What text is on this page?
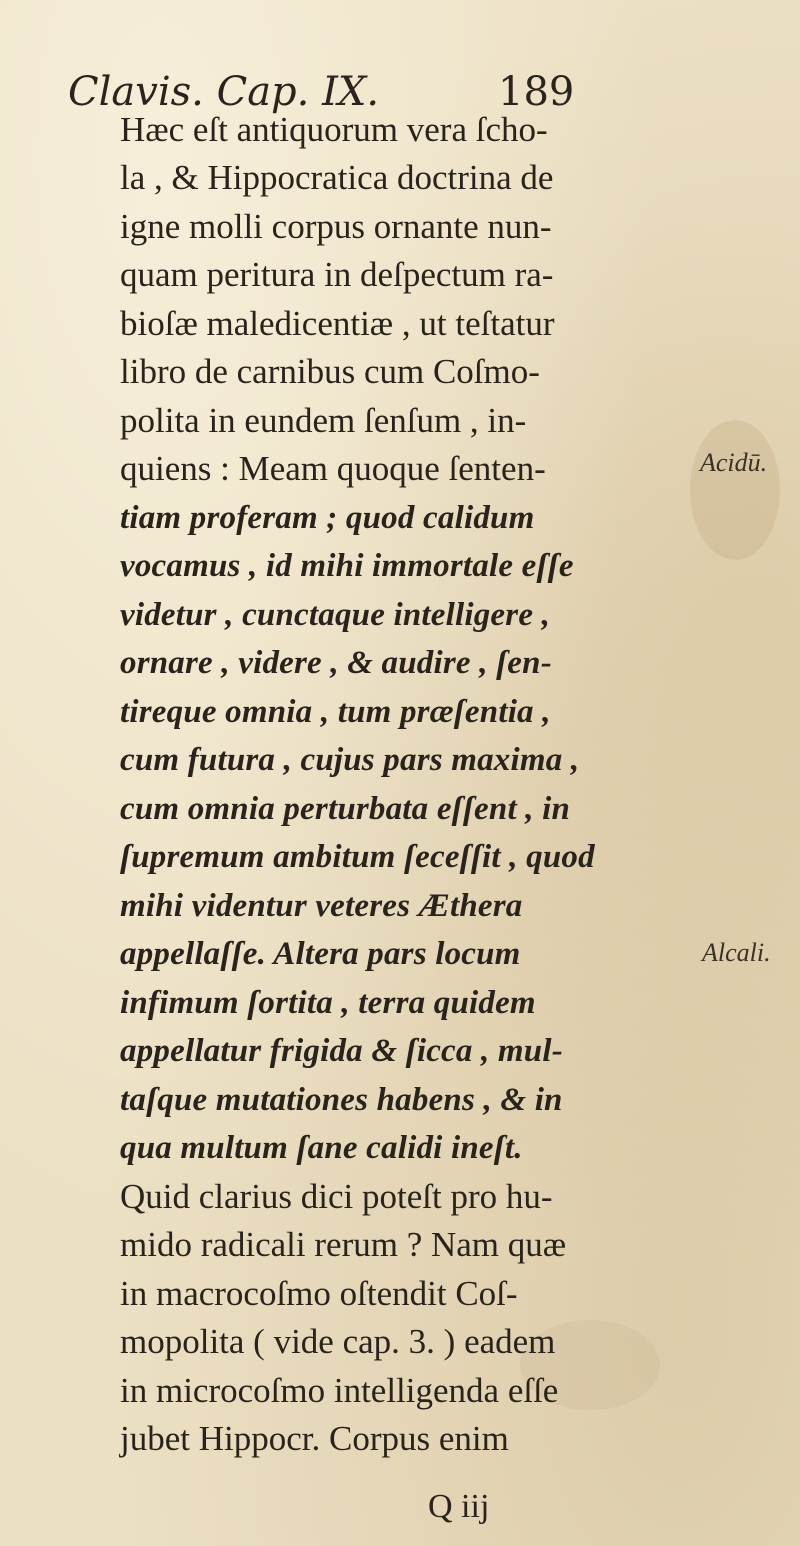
Clavis. Cap. IX.	189
Hæc eſt antiquorum vera ſcho-
la , & Hippocratica doctrina de
igne molli corpus ornante nun-
quam peritura in deſpectum ra-
bioſæ maledicentiæ , ut teſtatur
libro de carnibus cum Coſmo-
polita in eundem ſenſum , in-
quiens : Meam quoque ſenten-
tiam proferam ; quod calidum
vocamus , id mihi immortale eſſe
videtur , cunctaque intelligere ,
ornare , videre , & audire , ſen-
tireque omnia , tum præſentia ,
cum futura , cujus pars maxima ,
cum omnia perturbata eſſent , in
ſupremum ambitum ſeceſſit , quod
mihi videntur veteres Æthera
appellaſſe. Altera pars locum
infimum ſortita , terra quidem
appellatur frigida & ſicca , mul-
taſque mutationes habens , & in
qua multum ſane calidi ineſt.
Quid clarius dici poteſt pro hu-
mido radicali rerum ? Nam quæ
in macrocoſmo oſtendit Coſ-
mopolita ( vide cap. 3. ) eadem
in microcoſmo intelligenda eſſe
jubet Hippocr. Corpus enim
Acidū.
Alcali.
Q iij
